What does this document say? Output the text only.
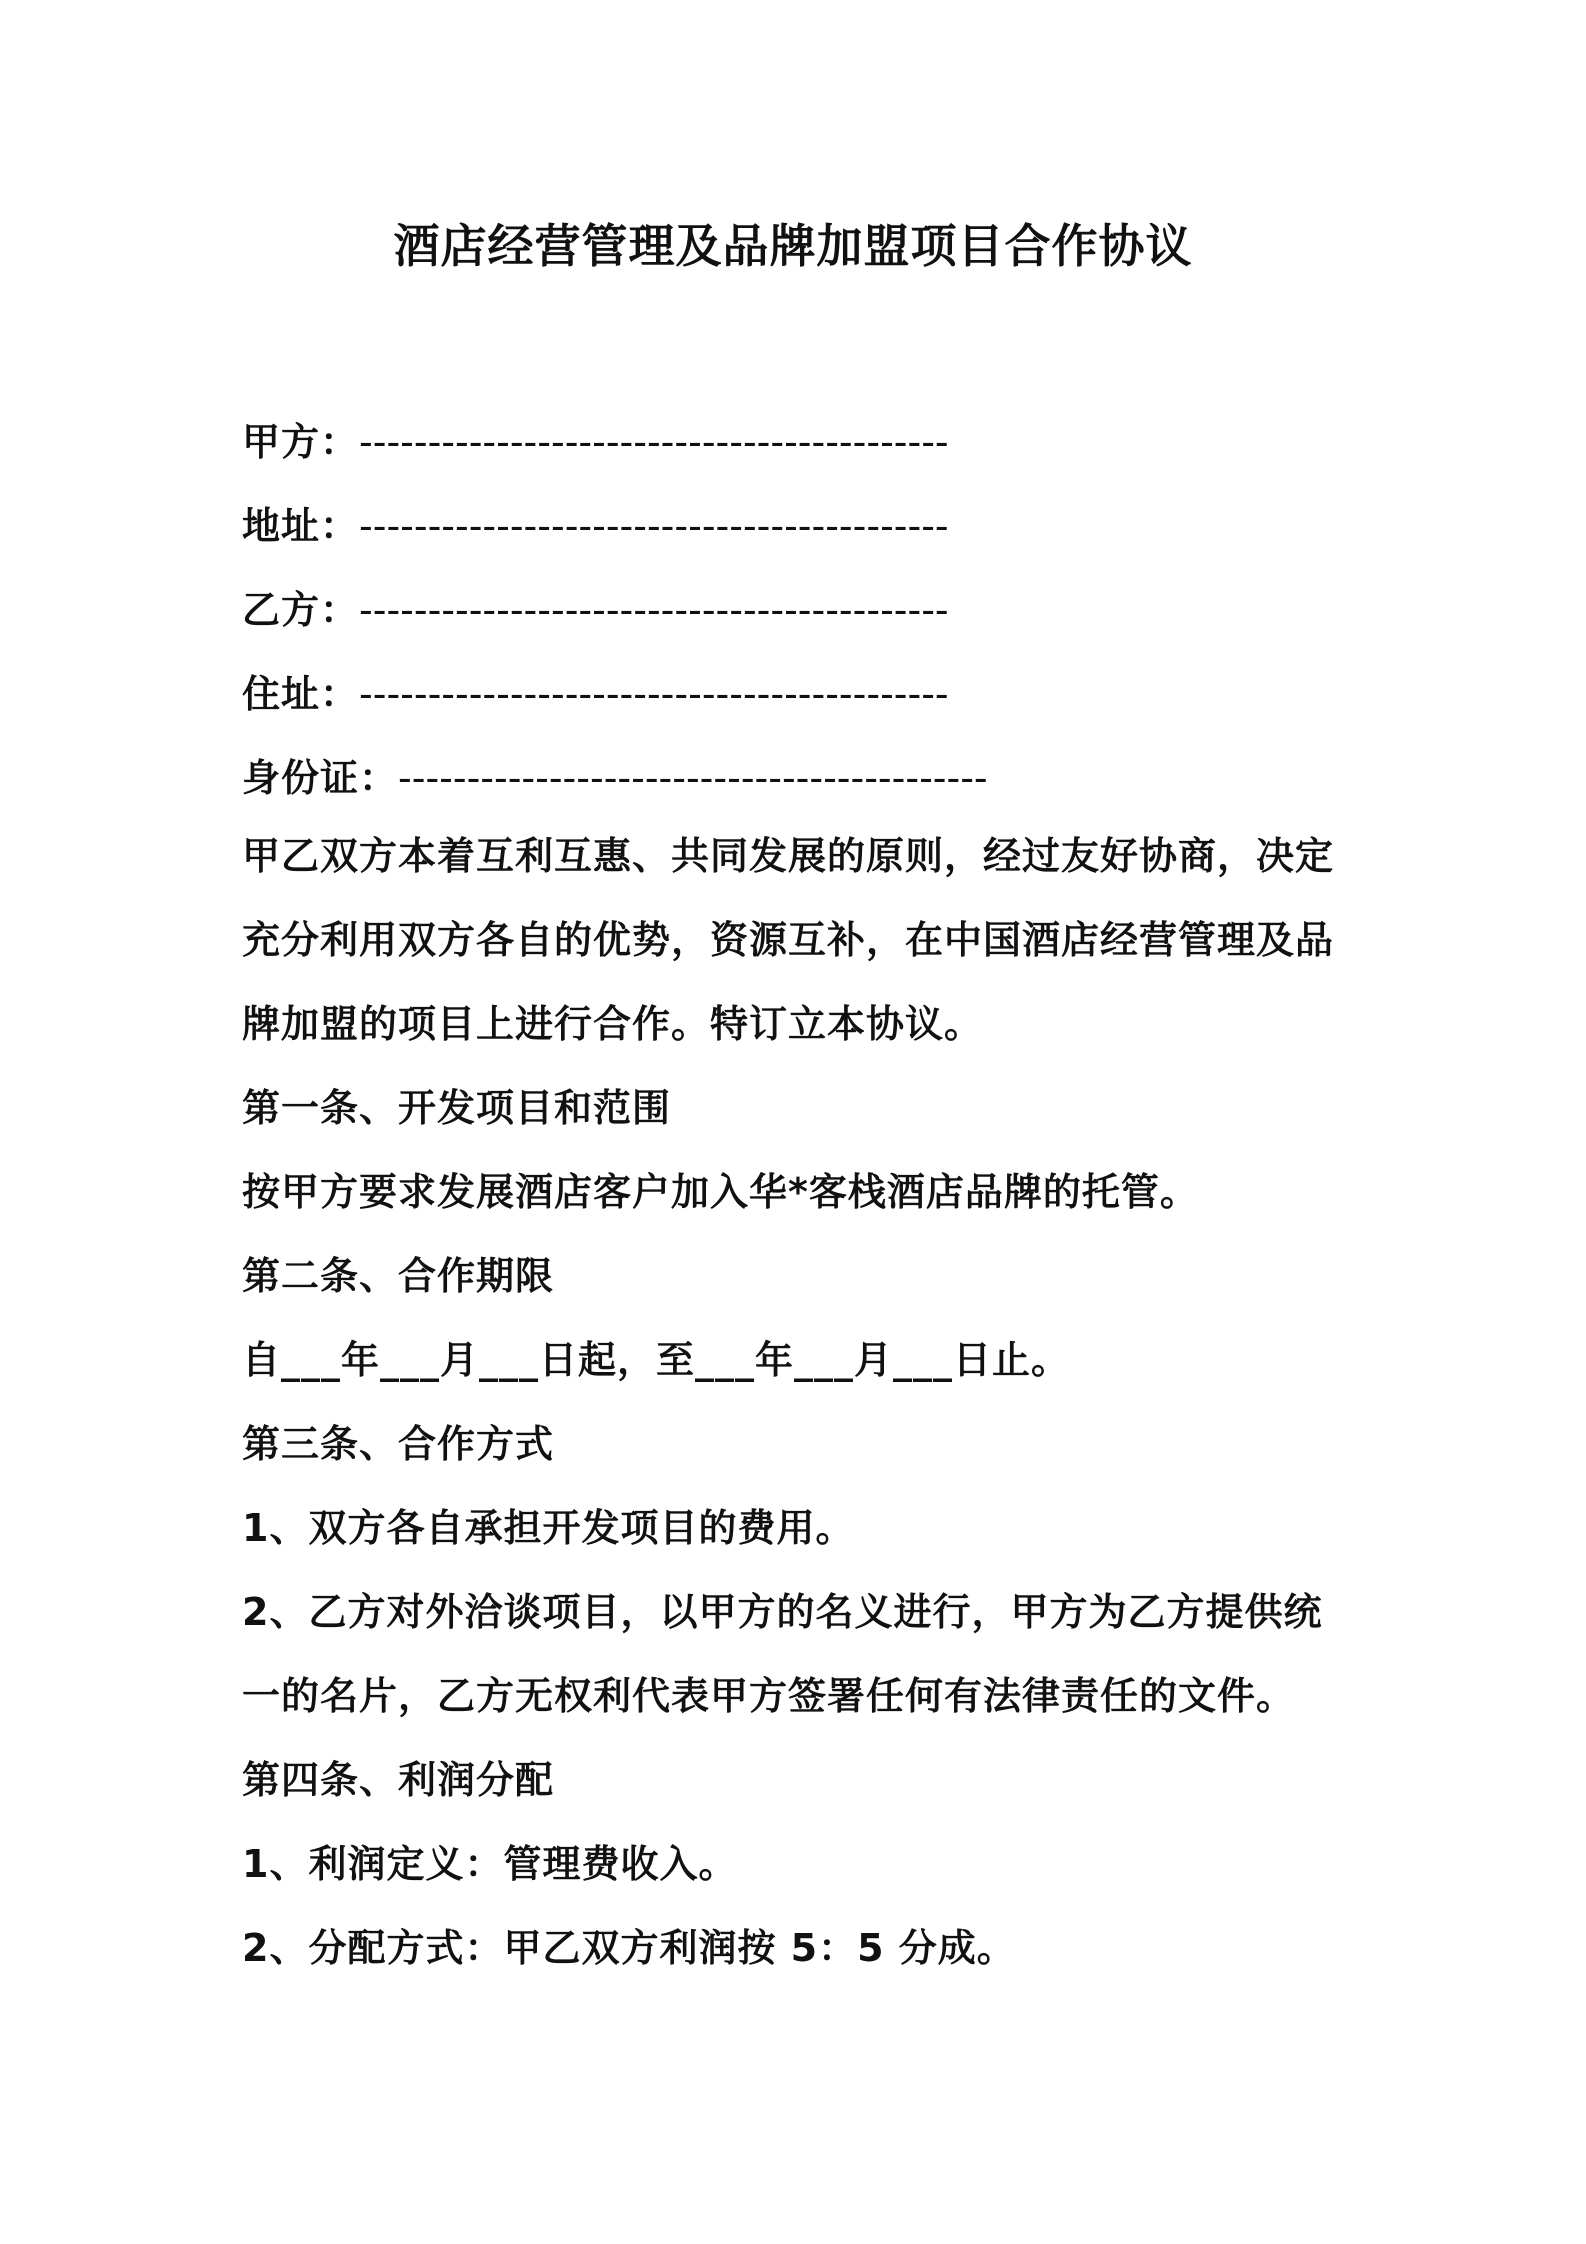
酒店经营管理及品牌加盟项目合作协议
甲方：-------------------------------------------
地址：-------------------------------------------
乙方：-------------------------------------------
住址：-------------------------------------------
身份证：-------------------------------------------
甲乙双方本着互利互惠、共同发展的原则，经过友好协商，决定
充分利用双方各自的优势，资源互补，在中国酒店经营管理及品
牌加盟的项目上进行合作。特订立本协议。
第一条、开发项目和范围
按甲方要求发展酒店客户加入华*客栈酒店品牌的托管。
第二条、合作期限
自___年___月___日起，至___年___月___日止。
第三条、合作方式
1、双方各自承担开发项目的费用。
2、乙方对外洽谈项目，以甲方的名义进行，甲方为乙方提供统
一的名片，乙方无权利代表甲方签署任何有法律责任的文件。
第四条、利润分配
1、利润定义：管理费收入。
2、分配方式：甲乙双方利润按 5：5 分成。
